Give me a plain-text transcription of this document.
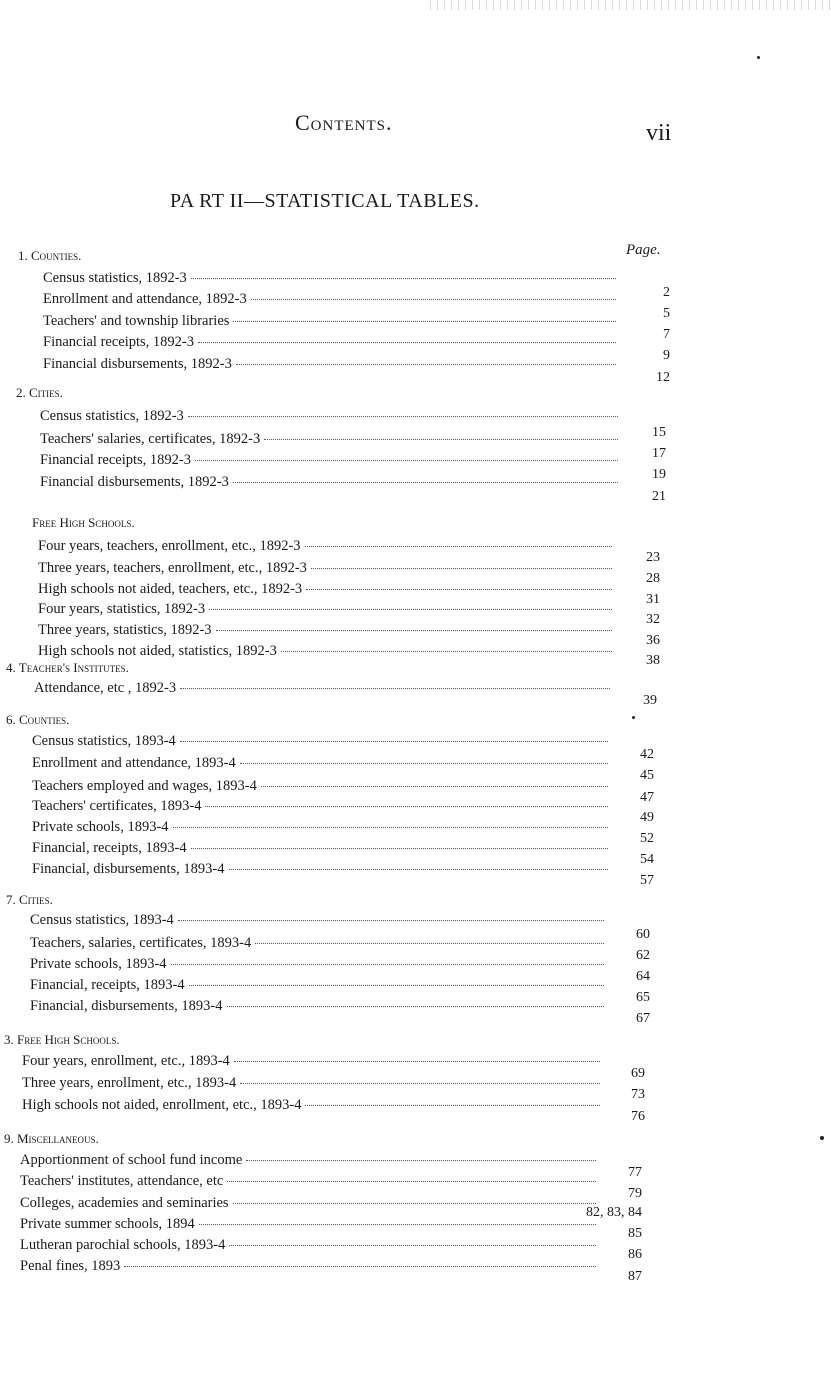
Contents.	vii
PA RT II—STATISTICAL TABLES.
Page.
1. Counties.
Census statistics, 1892-3
Enrollment and attendance, 1892-3
Teachers' and township libraries
Financial receipts, 1892-3
Financial disbursements, 1892-3
2
5
7
9
12
2. Cities.
Census statistics, 1892-3
Teachers' salaries, certificates, 1892-3
Financial receipts, 1892-3
Financial disbursements, 1892-3
15
17
19
21
Free High Schools.
Four years, teachers, enrollment, etc., 1892-3
Three years, teachers, enrollment, etc., 1892-3
High schools not aided, teachers, etc., 1892-3
Four years, statistics, 1892-3
Three years, statistics, 1892-3
High schools not aided, statistics, 1892-3
23
28
31
32
36
38
4. Teacher's Institutes.
Attendance, etc , 1892-3
39
6. Counties.
Census statistics, 1893-4
Enrollment and attendance, 1893-4
Teachers employed and wages, 1893-4
Teachers' certificates, 1893-4
Private schools, 1893-4
Financial, receipts, 1893-4
Financial, disbursements, 1893-4
42
45
47
49
52
54
57
7. Cities.
Census statistics, 1893-4
Teachers, salaries, certificates, 1893-4
Private schools, 1893-4
Financial, receipts, 1893-4
Financial, disbursements, 1893-4
60
62
64
65
67
3. Free High Schools.
Four years, enrollment, etc., 1893-4
Three years, enrollment, etc., 1893-4
High schools not aided, enrollment, etc., 1893-4
69
73
76
9. Miscellaneous.
Apportionment of school fund income
Teachers' institutes, attendance, etc
Colleges, academies and seminaries
Private summer schools, 1894
Lutheran parochial schools, 1893-4
Penal fines, 1893
77
79
82, 83, 84
85
86
87
